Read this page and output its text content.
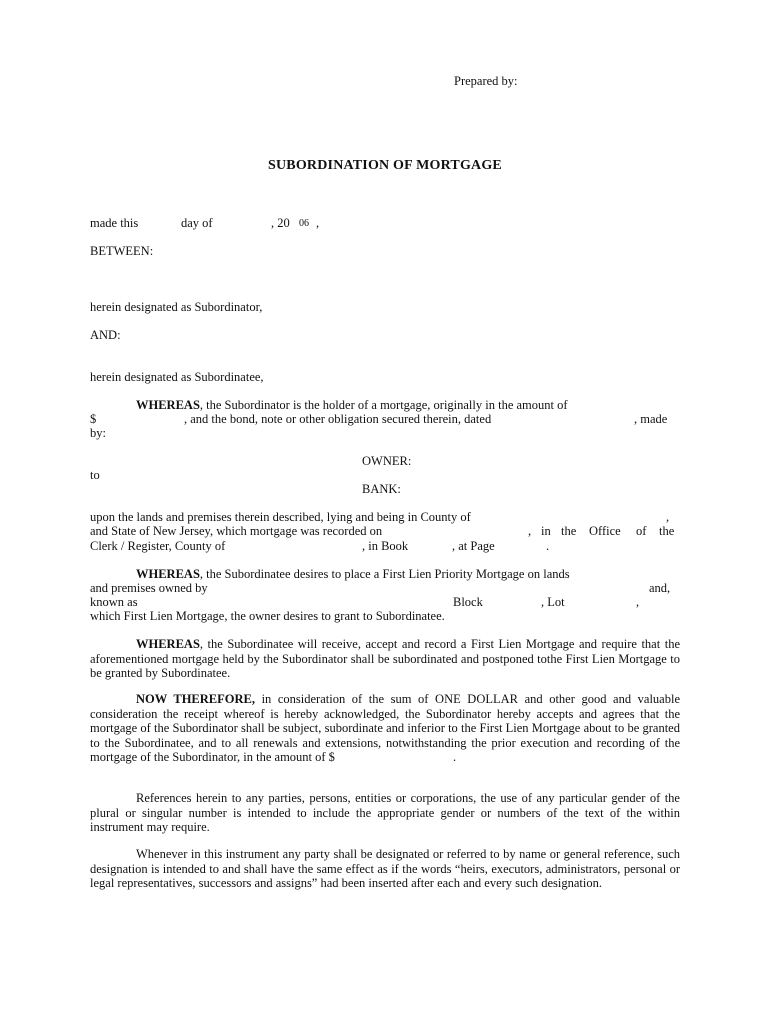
Prepared by:
SUBORDINATION OF MORTGAGE
made this	day of	, 20 06 ,
BETWEEN:
herein designated as Subordinator,
AND:
herein designated as Subordinatee,
WHEREAS, the Subordinator is the holder of a mortgage, originally in the amount of
$	, and the bond, note or other obligation secured therein, dated	, made
by:
OWNER:
to
BANK:
upon the lands and premises therein described, lying and being in County of	,
and State of New Jersey, which mortgage was recorded on	, in the Office of the
Clerk / Register, County of	, in Book	, at Page	.
WHEREAS, the Subordinatee desires to place a First Lien Priority Mortgage on lands
and premises owned by	and,
known as	Block	, Lot	,
which First Lien Mortgage, the owner desires to grant to Subordinatee.

WHEREAS, the Subordinatee will receive, accept and record a First Lien Mortgage and require that the aforementioned mortgage held by the Subordinator shall be subordinated and postponed tothe First Lien Mortgage to be granted by Subordinatee.

NOW THEREFORE, in consideration of the sum of ONE DOLLAR and other good and valuable consideration the receipt whereof is hereby acknowledged, the Subordinator hereby accepts and agrees that the mortgage of the Subordinator shall be subject, subordinate and inferior to the First Lien Mortgage about to be granted to the Subordinatee, and to all renewals and extensions, notwithstanding the prior execution and recording of the mortgage of the Subordinator, in the amount of $	.

References herein to any parties, persons, entities or corporations, the use of any particular gender of the plural or singular number is intended to include the appropriate gender or numbers of the text of the within instrument may require.

Whenever in this instrument any party shall be designated or referred to by name or general reference, such designation is intended to and shall have the same effect as if the words “heirs, executors, administrators, personal or legal representatives, successors and assigns” had been inserted after each and every such designation.
